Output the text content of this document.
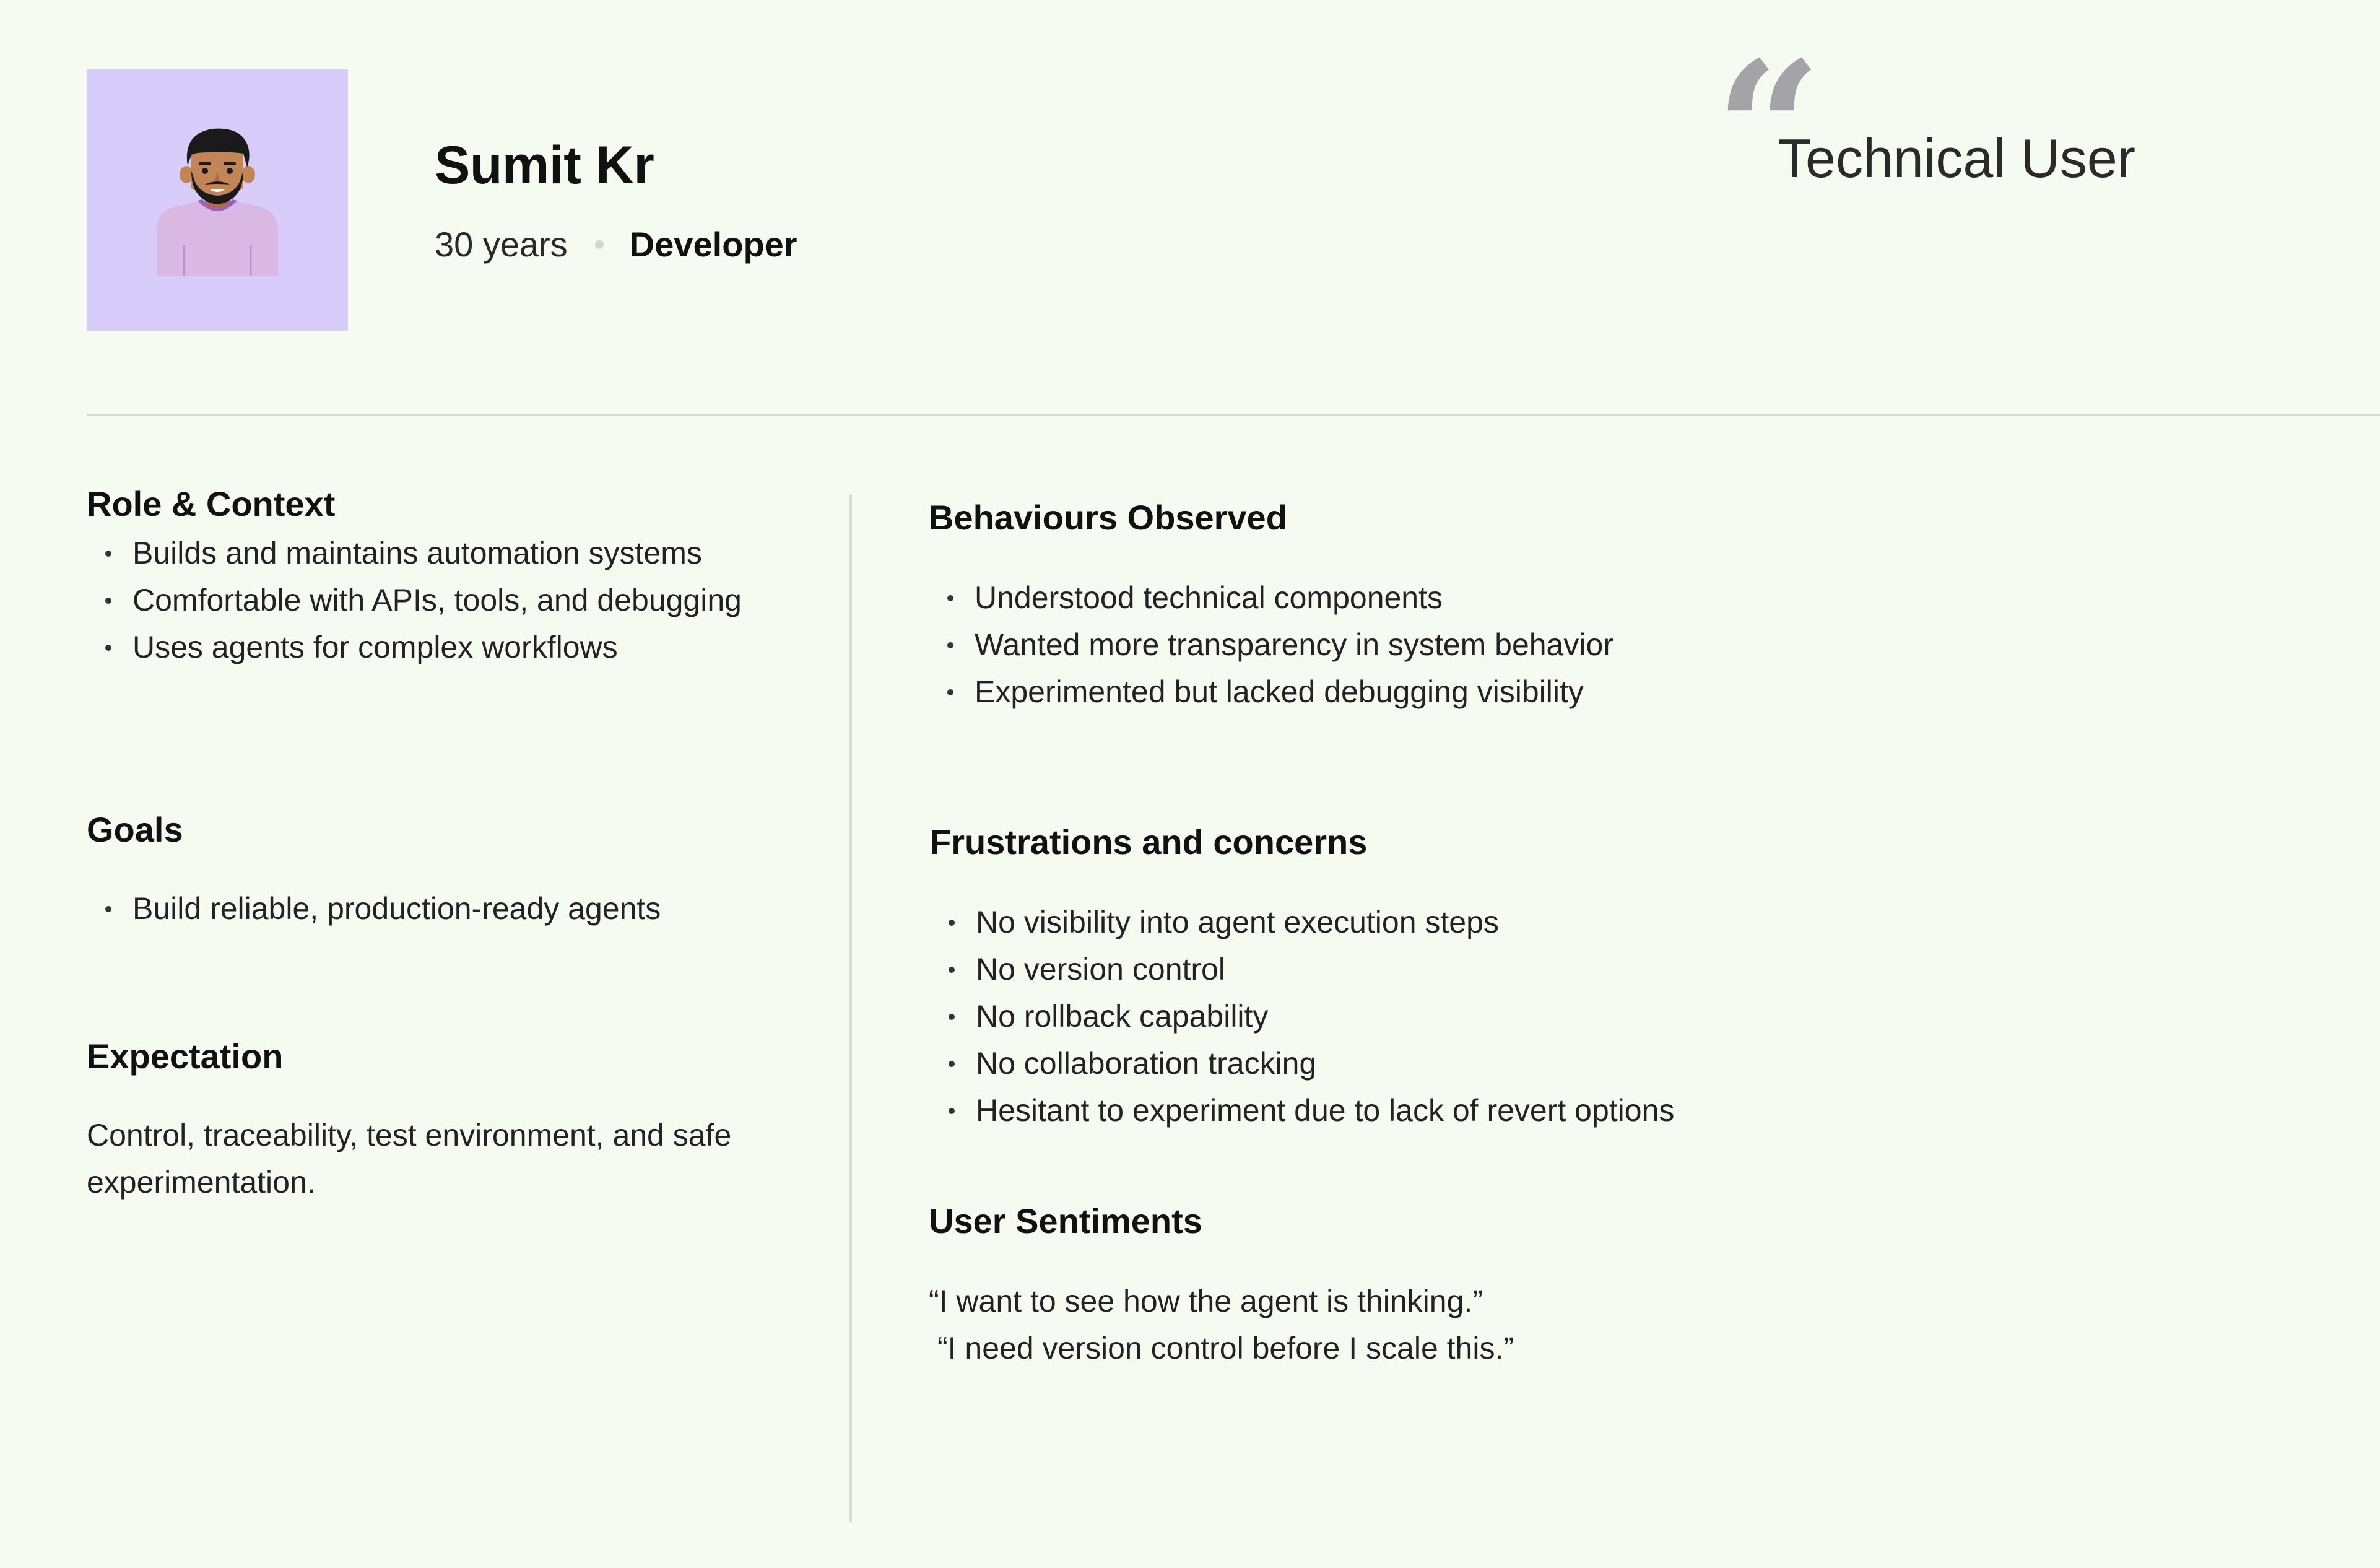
Sumit Kr
30 years Developer
“
Technical User
Role & Context
Builds and maintains automation systems
Comfortable with APIs, tools, and debugging
Uses agents for complex workflows
Goals
Build reliable, production-ready agents
Expectation
Control, traceability, test environment, and safe experimentation.
Behaviours Observed
Understood technical components
Wanted more transparency in system behavior
Experimented but lacked debugging visibility
Frustrations and concerns
No visibility into agent execution steps
No version control
No rollback capability
No collaboration tracking
Hesitant to experiment due to lack of revert options
User Sentiments
“I want to see how the agent is thinking.”
“I need version control before I scale this.”
